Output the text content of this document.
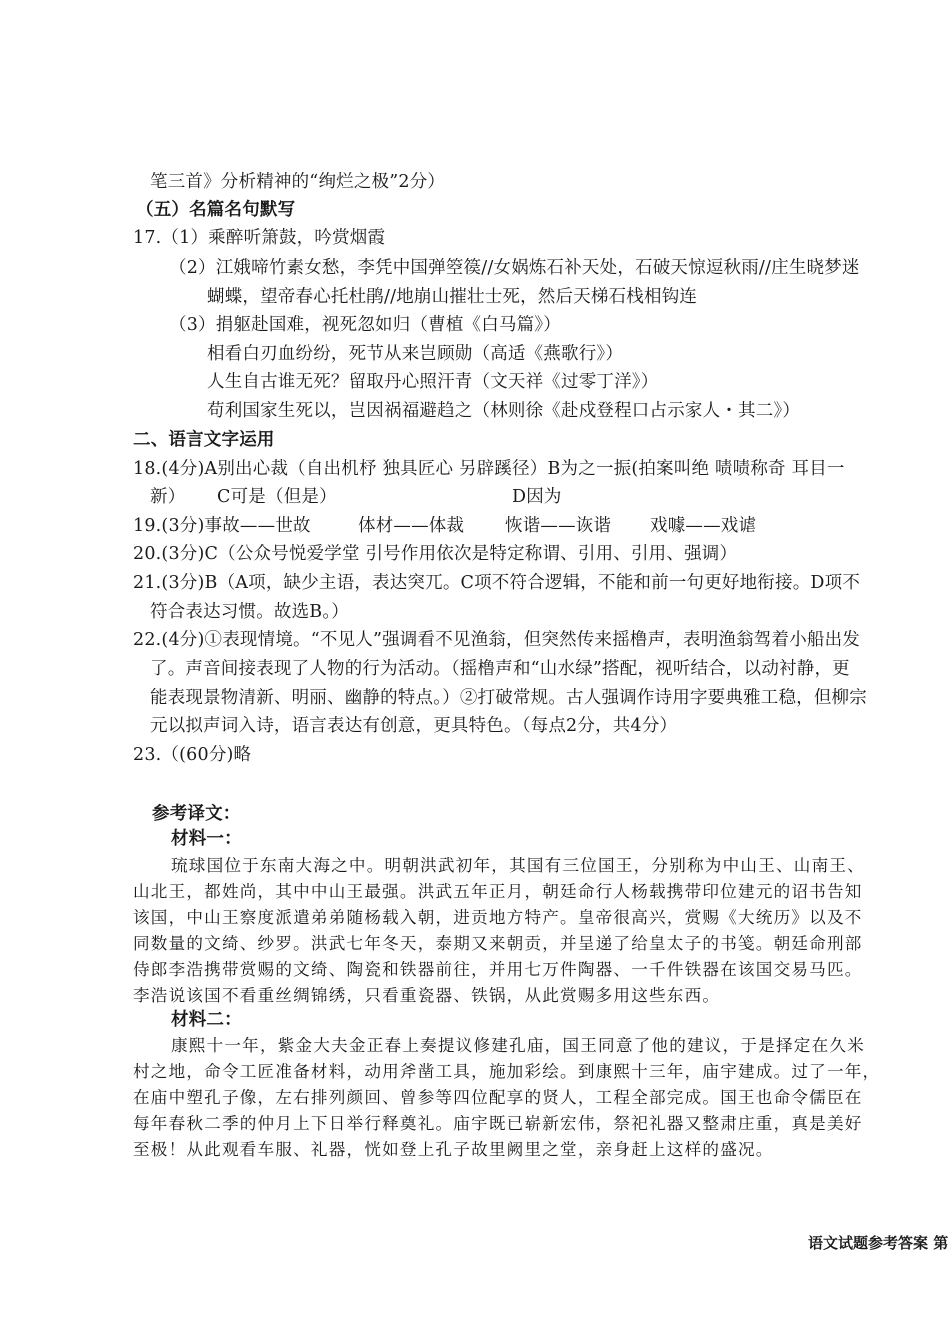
笔三首》分析精神的“绚烂之极”2分）
（五）名篇名句默写
17.（1）乘醉听箫鼓，吟赏烟霞
（2）江娥啼竹素女愁，李凭中国弹箜篌//女娲炼石补天处，石破天惊逗秋雨//庄生晓梦迷
蝴蝶，望帝春心托杜鹃//地崩山摧壮士死，然后天梯石栈相钩连
（3）捐躯赴国难，视死忽如归（曹植《白马篇》）
相看白刃血纷纷，死节从来岂顾勋（高适《燕歌行》）
人生自古谁无死？留取丹心照汗青（文天祥《过零丁洋》）
苟利国家生死以，岂因祸福避趋之（林则徐《赴戍登程口占示家人・其二》）
二、语言文字运用
18.(4分)A别出心裁（自出机杼 独具匠心 另辟蹊径）B为之一振(拍案叫绝 啧啧称奇 耳目一
新） C可是（但是）	D因为
19.(3分)事故——世故	体材——体裁 恢谐——诙谐 戏噱——戏谑
20.(3分)C（公众号悦爱学堂 引号作用依次是特定称谓、引用、引用、强调）
21.(3分)B（A项，缺少主语，表达突兀。C项不符合逻辑，不能和前一句更好地衔接。D项不
符合表达习惯。故选B。）
22.(4分)①表现情境。“不见人”强调看不见渔翁，但突然传来摇橹声，表明渔翁驾着小船出发
了。声音间接表现了人物的行为活动。（摇橹声和“山水绿”搭配，视听结合，以动衬静，更
能表现景物清新、明丽、幽静的特点。）②打破常规。古人强调作诗用字要典雅工稳，但柳宗
元以拟声词入诗，语言表达有创意，更具特色。（每点2分，共4分）
23.（(60分)略
参考译文：
材料一：
琉球国位于东南大海之中。明朝洪武初年，其国有三位国王，分别称为中山王、山南王、
山北王，都姓尚，其中中山王最强。洪武五年正月，朝廷命行人杨载携带印位建元的诏书告知
该国，中山王察度派遣弟弟随杨载入朝，进贡地方特产。皇帝很高兴，赏赐《大统历》以及不
同数量的文绮、纱罗。洪武七年冬天，泰期又来朝贡，并呈递了给皇太子的书笺。朝廷命刑部
侍郎李浩携带赏赐的文绮、陶瓷和铁器前往，并用七万件陶器、一千件铁器在该国交易马匹。
李浩说该国不看重丝绸锦绣，只看重瓷器、铁锅，从此赏赐多用这些东西。
材料二：
康熙十一年，紫金大夫金正春上奏提议修建孔庙，国王同意了他的建议，于是择定在久米
村之地，命令工匠准备材料，动用斧凿工具，施加彩绘。到康熙十三年，庙宇建成。过了一年，
在庙中塑孔子像，左右排列颜回、曾参等四位配享的贤人，工程全部完成。国王也命令儒臣在
每年春秋二季的仲月上下日举行释奠礼。庙宇既已崭新宏伟，祭祀礼器又整肃庄重，真是美好
至极！从此观看车服、礼器，恍如登上孔子故里阙里之堂，亲身赶上这样的盛况。
语文试题参考答案 第
